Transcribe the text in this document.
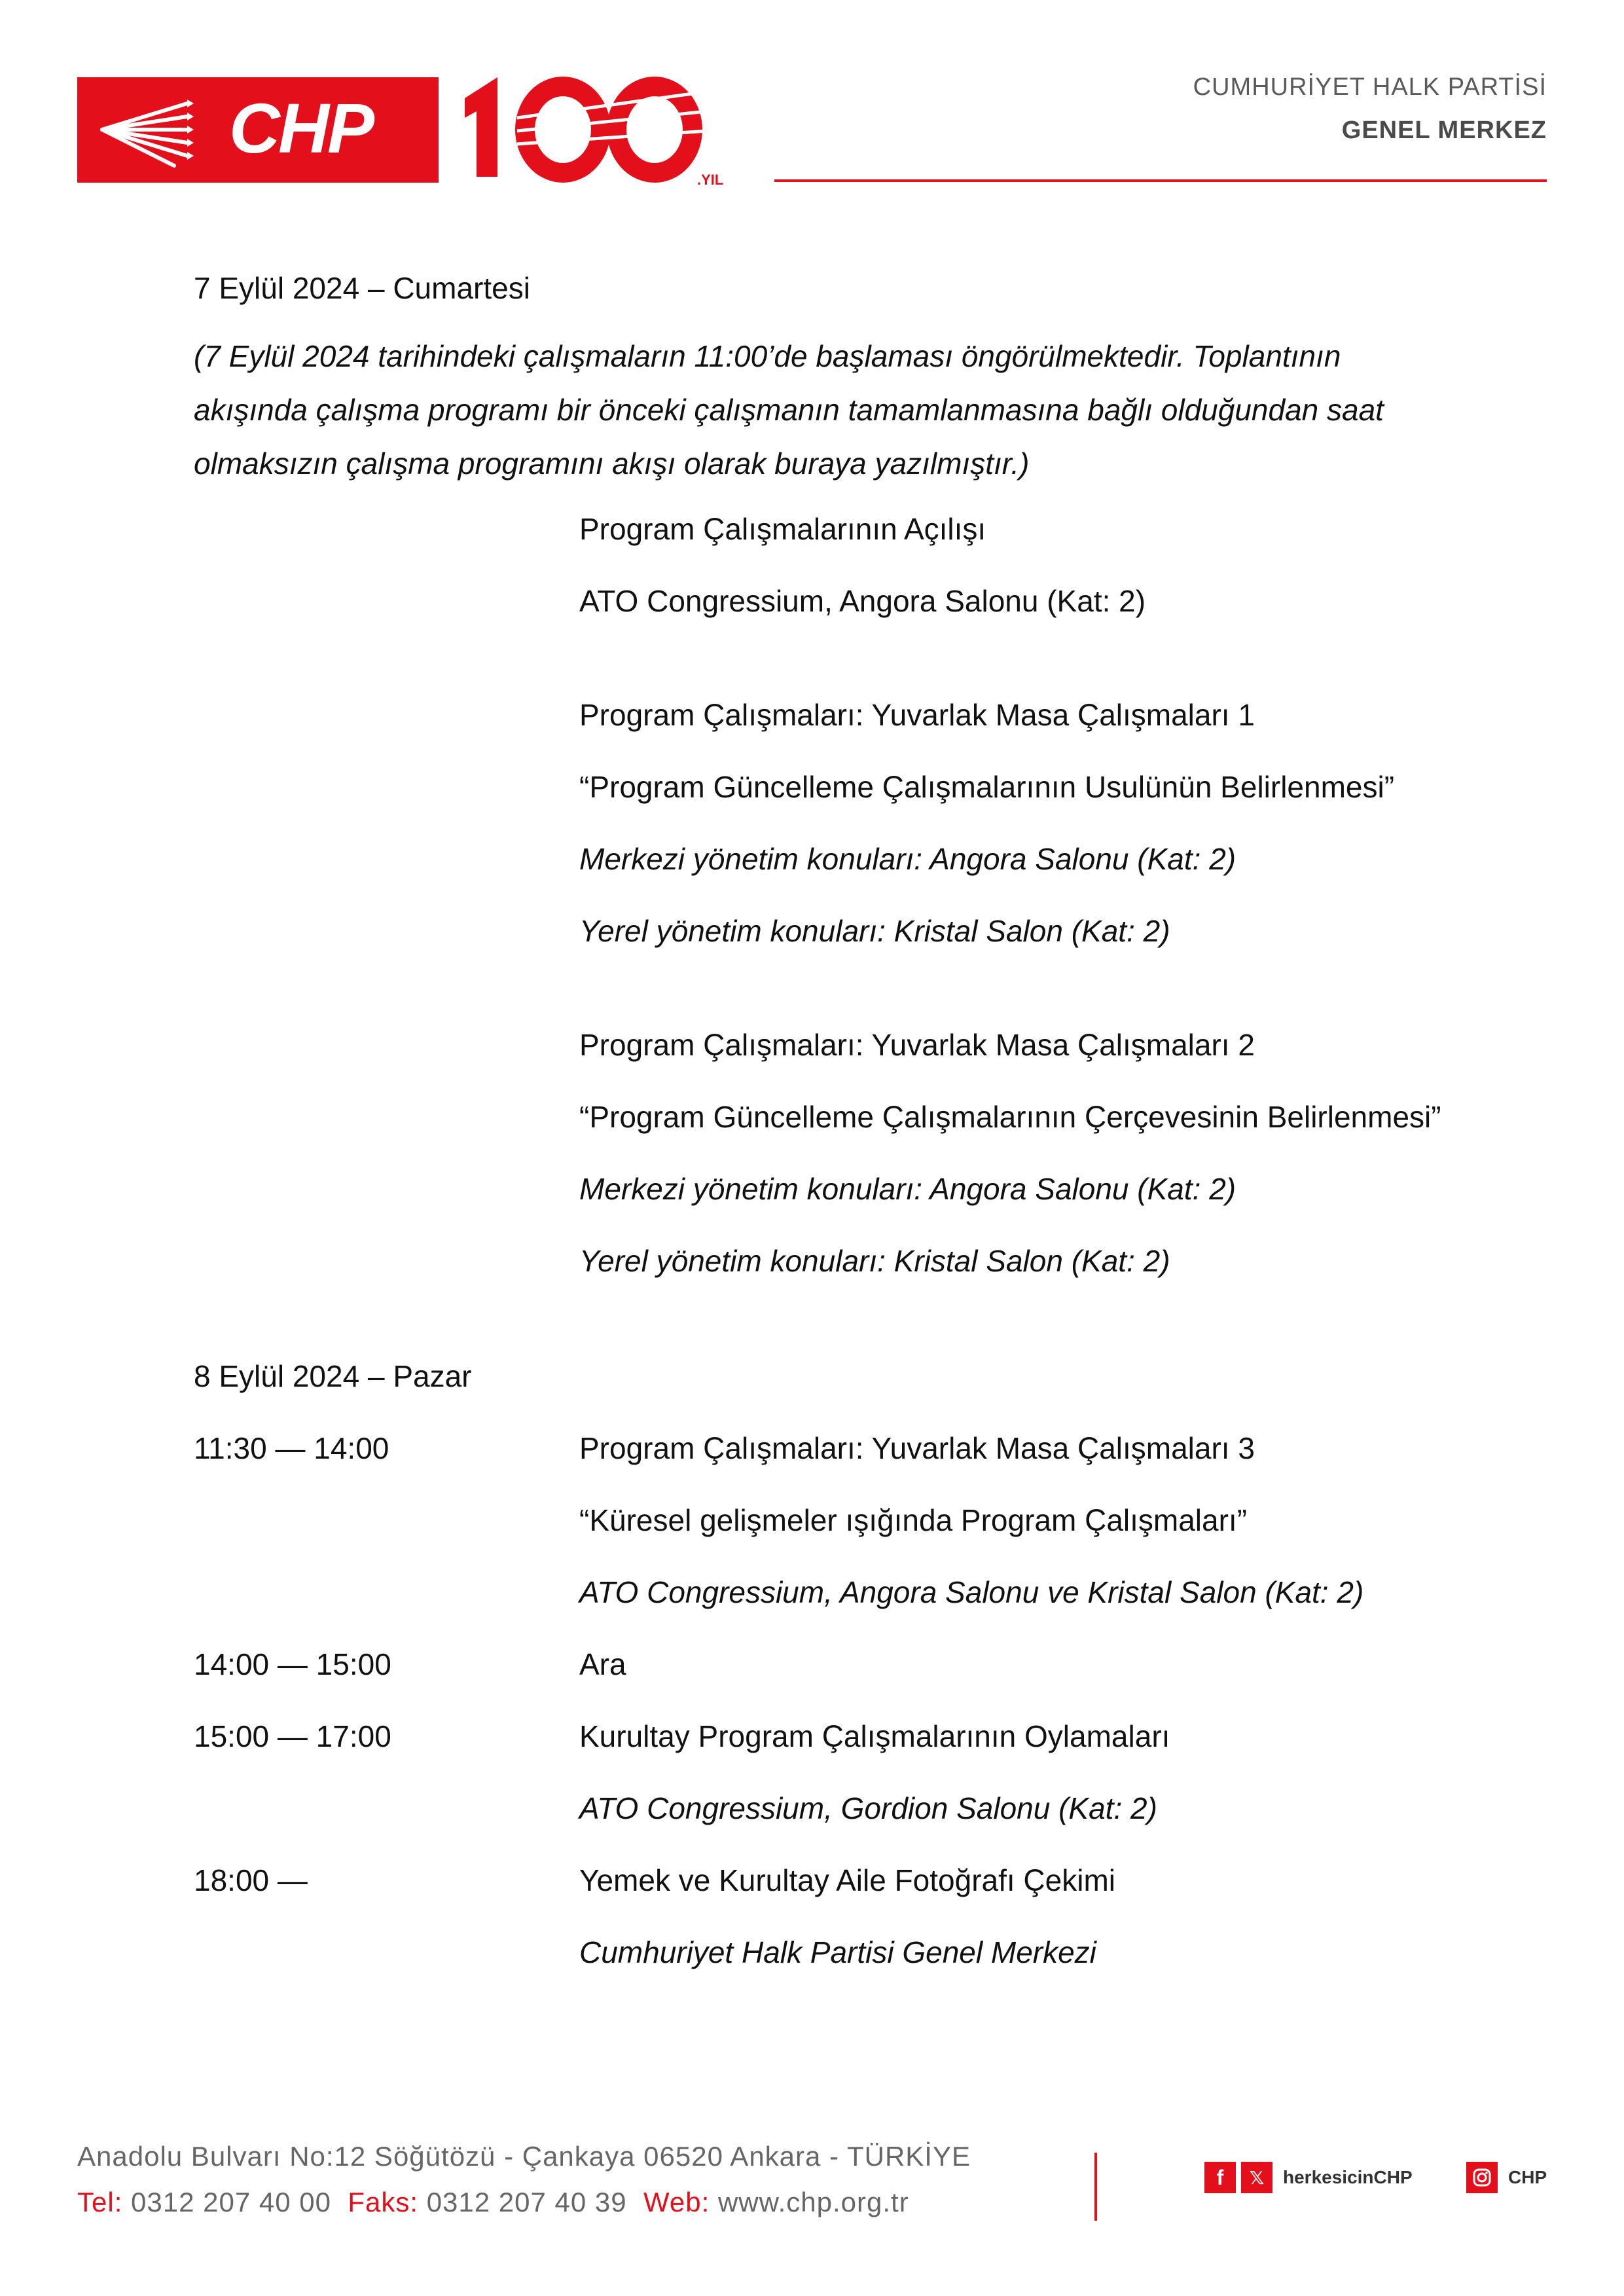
CHP
.YIL
100
CUMHURİYET HALK PARTİSİ
GENEL MERKEZ
7 Eylül 2024 – Cumartesi
(7 Eylül 2024 tarihindeki çalışmaların 11:00’de başlaması öngörülmektedir. Toplantının
akışında çalışma programı bir önceki çalışmanın tamamlanmasına bağlı olduğundan saat
olmaksızın çalışma programını akışı olarak buraya yazılmıştır.)
Program Çalışmalarının Açılışı
ATO Congressium, Angora Salonu (Kat: 2)
Program Çalışmaları: Yuvarlak Masa Çalışmaları 1
“Program Güncelleme Çalışmalarının Usulünün Belirlenmesi”
Merkezi yönetim konuları: Angora Salonu (Kat: 2)
Yerel yönetim konuları: Kristal Salon (Kat: 2)
Program Çalışmaları: Yuvarlak Masa Çalışmaları 2
“Program Güncelleme Çalışmalarının Çerçevesinin Belirlenmesi”
Merkezi yönetim konuları: Angora Salonu (Kat: 2)
Yerel yönetim konuları: Kristal Salon (Kat: 2)
8 Eylül 2024 – Pazar
11:30 — 14:00	Program Çalışmaları: Yuvarlak Masa Çalışmaları 3
“Küresel gelişmeler ışığında Program Çalışmaları”
ATO Congressium, Angora Salonu ve Kristal Salon (Kat: 2)
14:00 — 15:00	Ara
15:00 — 17:00	Kurultay Program Çalışmalarının Oylamaları
ATO Congressium, Gordion Salonu (Kat: 2)
18:00 —	Yemek ve Kurultay Aile Fotoğrafı Çekimi
Cumhuriyet Halk Partisi Genel Merkezi
Anadolu Bulvarı No:12 Söğütözü - Çankaya 06520 Ankara - TÜRKİYE
Tel: 0312 207 40 00 Faks: 0312 207 40 39 Web: www.chp.org.tr
f	𝕏	herkesicinCHP	CHP
